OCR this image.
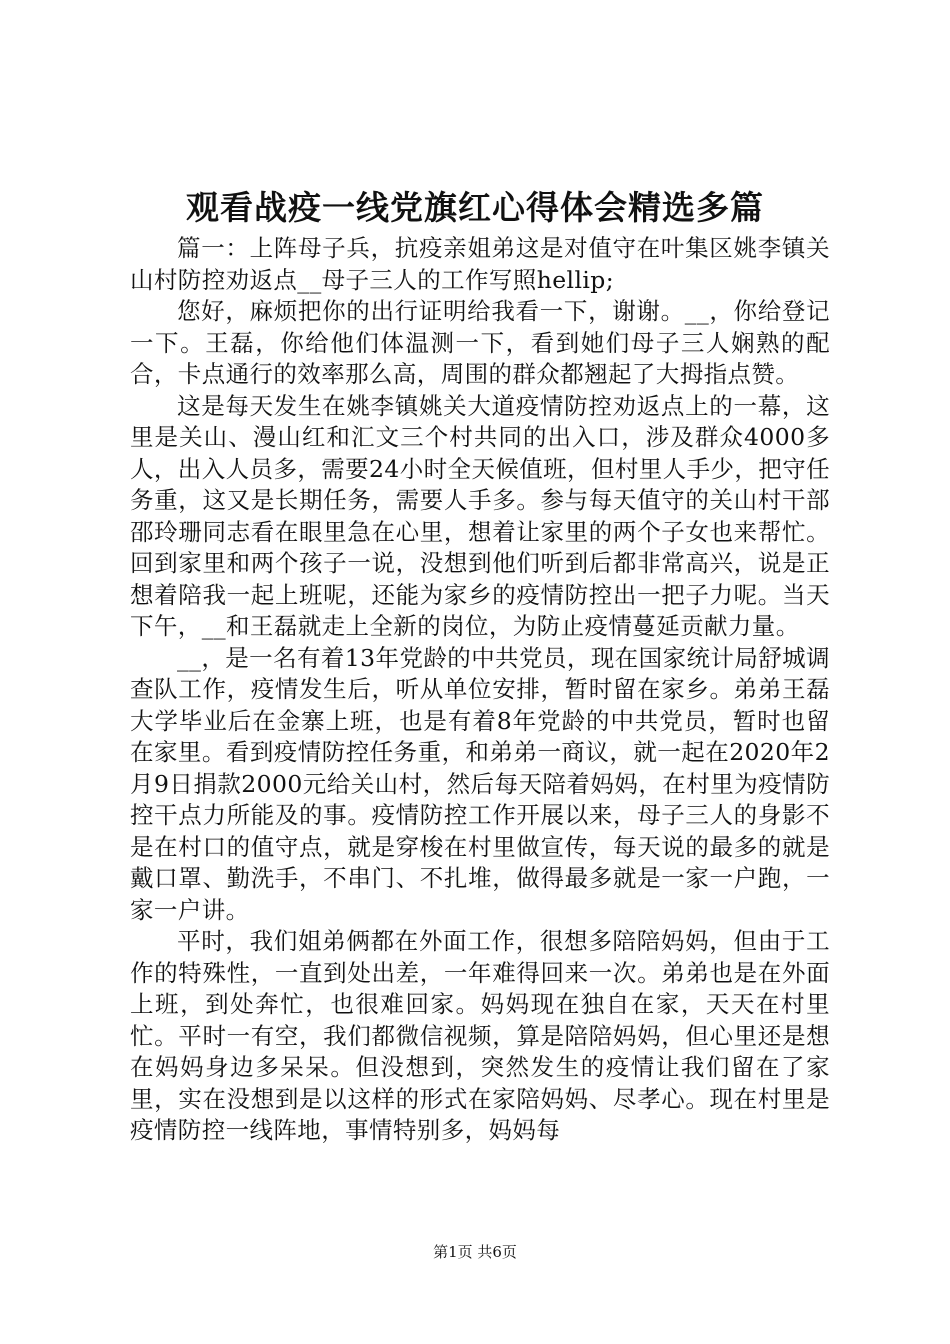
观看战疫一线党旗红心得体会精选多篇

篇一：上阵母子兵，抗疫亲姐弟这是对值守在叶集区姚李镇关山村防控劝返点__母子三人的工作写照hellip;

您好，麻烦把你的出行证明给我看一下，谢谢。__，你给登记一下。王磊，你给他们体温测一下，看到她们母子三人娴熟的配合，卡点通行的效率那么高，周围的群众都翘起了大拇指点赞。

这是每天发生在姚李镇姚关大道疫情防控劝返点上的一幕，这里是关山、漫山红和汇文三个村共同的出入口，涉及群众4000多人，出入人员多，需要24小时全天候值班，但村里人手少，把守任务重，这又是长期任务，需要人手多。参与每天值守的关山村干部邵玲珊同志看在眼里急在心里，想着让家里的两个子女也来帮忙。回到家里和两个孩子一说，没想到他们听到后都非常高兴，说是正想着陪我一起上班呢，还能为家乡的疫情防控出一把子力呢。当天下午，__和王磊就走上全新的岗位，为防止疫情蔓延贡献力量。

__，是一名有着13年党龄的中共党员，现在国家统计局舒城调查队工作，疫情发生后，听从单位安排，暂时留在家乡。弟弟王磊大学毕业后在金寨上班，也是有着8年党龄的中共党员，暂时也留在家里。看到疫情防控任务重，和弟弟一商议，就一起在2020年2月9日捐款2000元给关山村，然后每天陪着妈妈，在村里为疫情防控干点力所能及的事。疫情防控工作开展以来，母子三人的身影不是在村口的值守点，就是穿梭在村里做宣传，每天说的最多的就是戴口罩、勤洗手，不串门、不扎堆，做得最多就是一家一户跑，一家一户讲。

平时，我们姐弟俩都在外面工作，很想多陪陪妈妈，但由于工作的特殊性，一直到处出差，一年难得回来一次。弟弟也是在外面上班，到处奔忙，也很难回家。妈妈现在独自在家，天天在村里忙。平时一有空，我们都微信视频，算是陪陪妈妈，但心里还是想在妈妈身边多呆呆。但没想到，突然发生的疫情让我们留在了家里，实在没想到是以这样的形式在家陪妈妈、尽孝心。现在村里是疫情防控一线阵地，事情特别多，妈妈每

第1页 共6页
